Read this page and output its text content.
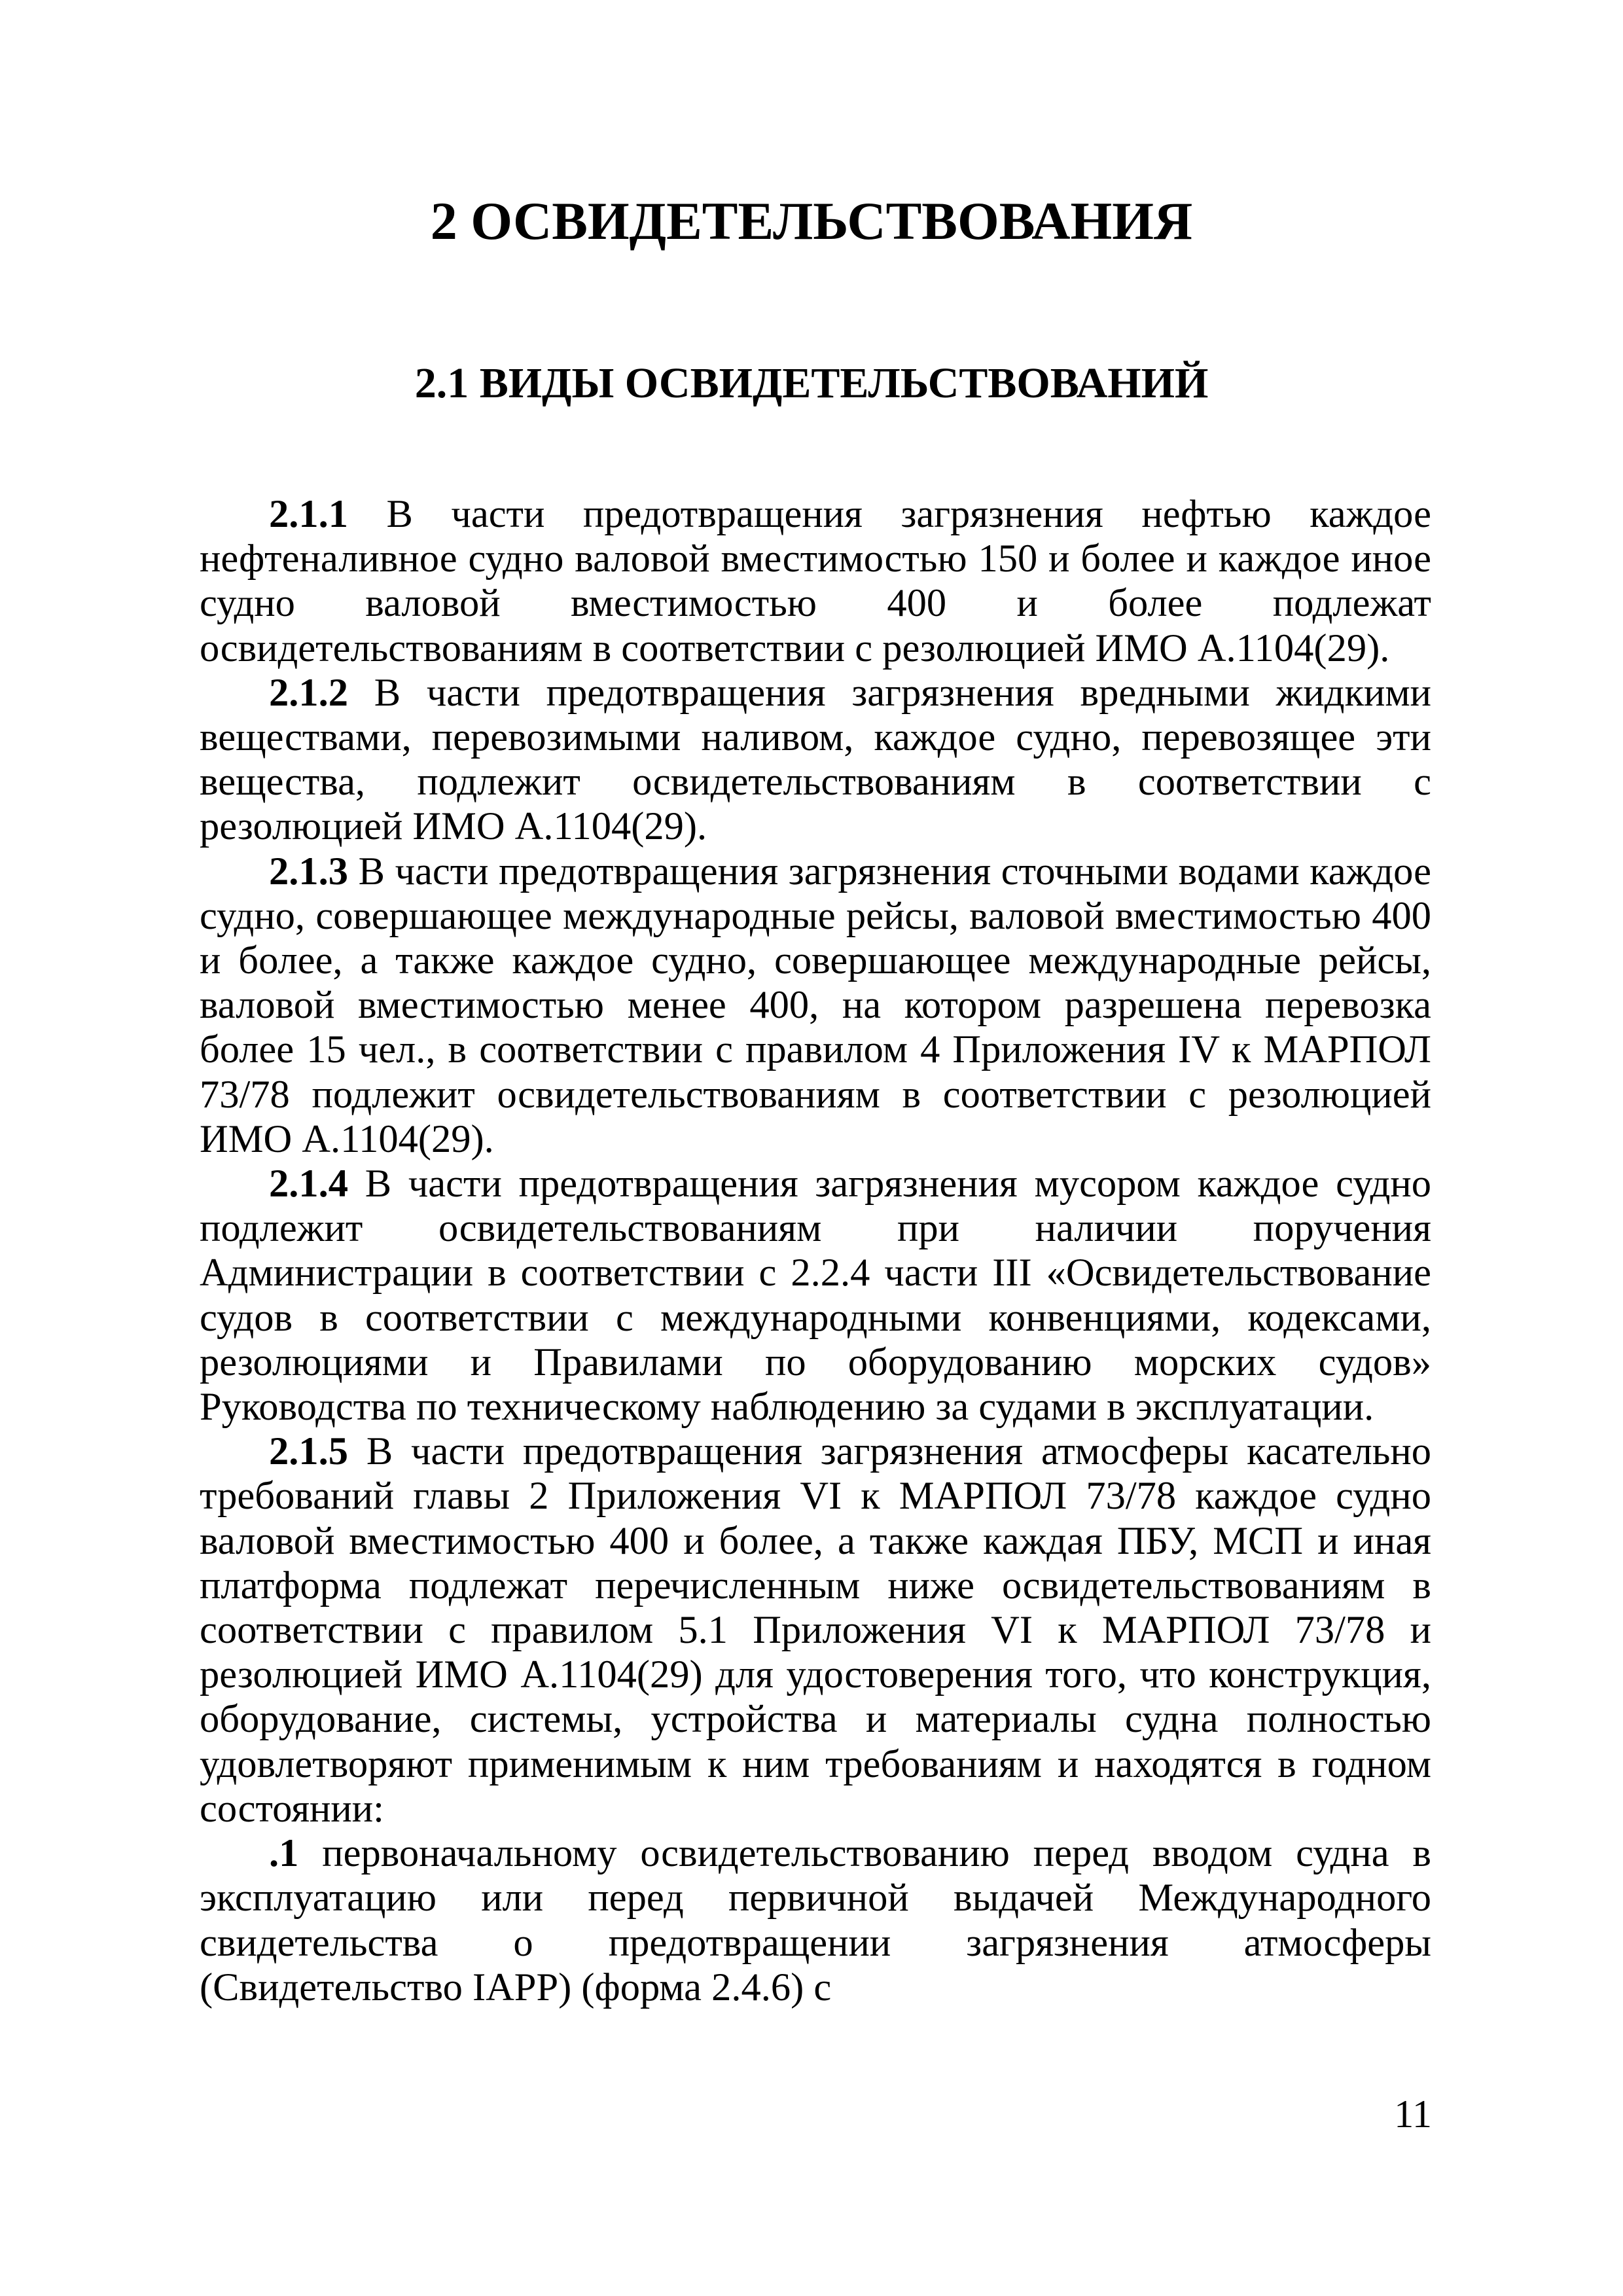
2 ОСВИДЕТЕЛЬСТВОВАНИЯ
2.1 ВИДЫ ОСВИДЕТЕЛЬСТВОВАНИЙ

2.1.1 В части предотвращения загрязнения нефтью каждое нефтеналивное судно валовой вместимостью 150 и более и каждое иное судно валовой вместимостью 400 и более подлежат освидетельствованиям в соответствии с резолюцией ИМО А.1104(29).

2.1.2 В части предотвращения загрязнения вредными жидкими веществами, перевозимыми наливом, каждое судно, перевозящее эти вещества, подлежит освидетельствованиям в соответствии с резолюцией ИМО А.1104(29).

2.1.3 В части предотвращения загрязнения сточными водами каждое судно, совершающее международные рейсы, валовой вместимостью 400 и более, а также каждое судно, совершающее международные рейсы, валовой вместимостью менее 400, на котором разрешена перевозка более 15 чел., в соответствии с правилом 4 Приложения IV к МАРПОЛ 73/78 подлежит освидетельствованиям в соответствии с резолюцией ИМО А.1104(29).

2.1.4 В части предотвращения загрязнения мусором каждое судно подлежит освидетельствованиям при наличии поручения Администрации в соответствии с 2.2.4 части III «Освидетельствование судов в соответствии с международными конвенциями, кодексами, резолюциями и Правилами по оборудованию морских судов» Руководства по техническому наблюдению за судами в эксплуатации.

2.1.5 В части предотвращения загрязнения атмосферы касательно требований главы 2 Приложения VI к МАРПОЛ 73/78 каждое судно валовой вместимостью 400 и более, а также каждая ПБУ, МСП и иная платформа подлежат перечисленным ниже освидетельствованиям в соответствии с правилом 5.1 Приложения VI к МАРПОЛ 73/78 и резолюцией ИМО А.1104(29) для удостоверения того, что конструкция, оборудование, системы, устройства и материалы судна полностью удовлетворяют применимым к ним требованиям и находятся в годном состоянии:

.1 первоначальному освидетельствованию перед вводом судна в эксплуатацию или перед первичной выдачей Международного свидетельства о предотвращении загрязнения атмосферы (Свидетельство IAPP) (форма 2.4.6) с

11
